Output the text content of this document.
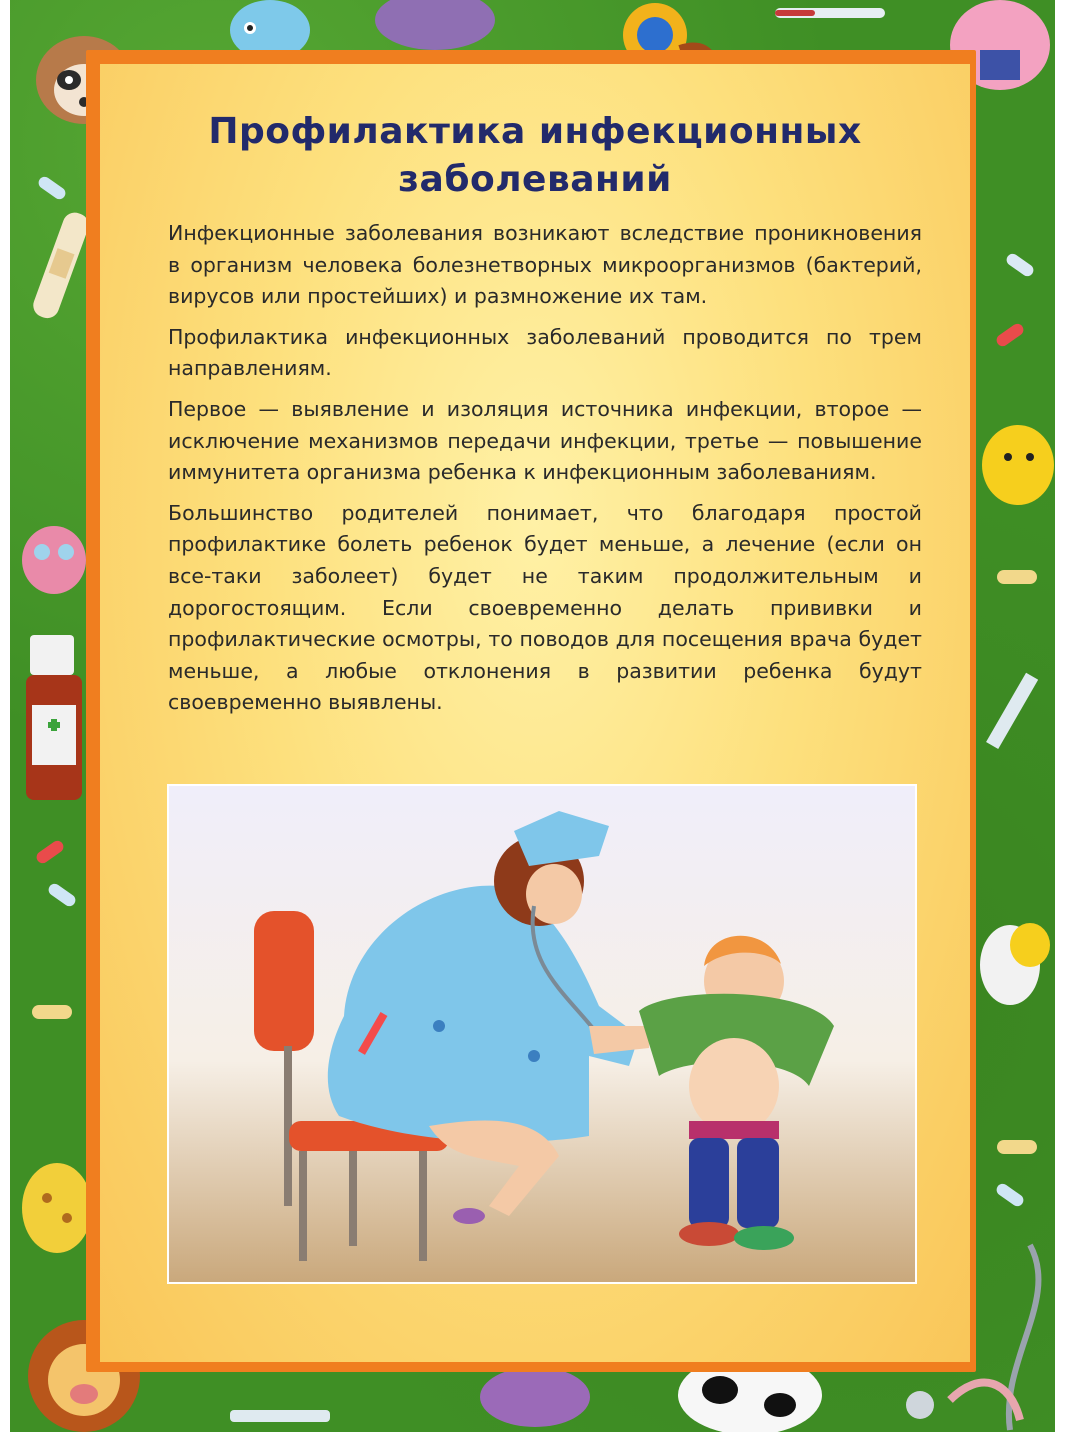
Профилактика инфекционных заболеваний

Инфекционные заболевания возникают вследствие проникновения в организм человека болезнетворных микроорганизмов (бактерий, вирусов или простейших) и размножение их там.

Профилактика инфекционных заболеваний проводится по трем направлениям.

Первое — выявление и изоляция источника инфекции, второе — исключение механизмов передачи инфекции, третье — повышение иммунитета организма ребенка к инфекционным заболеваниям.

Большинство родителей понимает, что благодаря простой профилактике болеть ребенок будет меньше, а лечение (если он все-таки заболеет) будет не таким продолжительным и дорогостоящим. Если своевременно делать прививки и профилактические осмотры, то поводов для посещения врача будет меньше, а любые отклонения в развитии ребенка будут своевременно выявлены.
